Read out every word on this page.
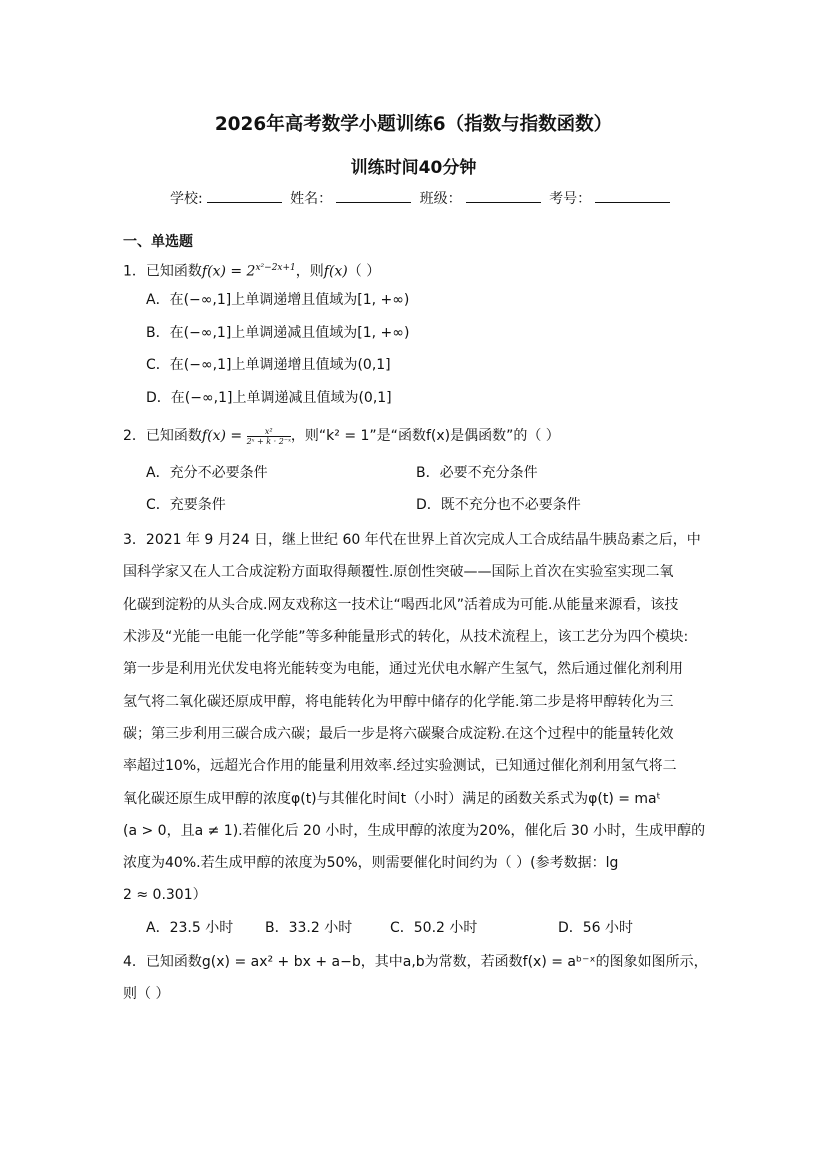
2026年高考数学小题训练6（指数与指数函数）
训练时间40分钟
学校:	姓名：	班级：	考号：
一、单选题
1．已知函数$f(x) = 2^{x^2-2x+1}$，则f(x)（ ）
A．在(−∞,1]上单调递增且值域为[1, +∞)
B．在(−∞,1]上单调递减且值域为[1, +∞)
C．在(−∞,1]上单调递增且值域为(0,1]
D．在(−∞,1]上单调递减且值域为(0,1]
2．已知函数$f(x) = \frac{\text{x²}}{\text{2ˣ + k · 2⁻ˣ}}$ ，则“k² = 1”是“函数f(x)是偶函数”的（ ）
A．充分不必要条件	B．必要不充分条件
C．充要条件	D．既不充分也不必要条件
3．2021 年 9 月24 日，继上世纪 60 年代在世界上首次完成人工合成结晶牛胰岛素之后，中
国科学家又在人工合成淀粉方面取得颠覆性.原创性突破——国际上首次在实验室实现二氧
化碳到淀粉的从头合成.网友戏称这一技术让“喝西北风”活着成为可能.从能量来源看，该技
术涉及“光能一电能一化学能”等多种能量形式的转化，从技术流程上，该工艺分为四个模块:
第一步是利用光伏发电将光能转变为电能，通过光伏电水解产生氢气，然后通过催化剂利用
氢气将二氧化碳还原成甲醇，将电能转化为甲醇中储存的化学能.第二步是将甲醇转化为三
碳；第三步利用三碳合成六碳；最后一步是将六碳聚合成淀粉.在这个过程中的能量转化效
率超过10%，远超光合作用的能量利用效率.经过实验测试，已知通过催化剂利用氢气将二
氧化碳还原生成甲醇的浓度φ(t)与其催化时间t（小时）满足的函数关系式为φ(t) = maᵗ
(a > 0，且a ≠ 1).若催化后 20 小时，生成甲醇的浓度为20%，催化后 30 小时，生成甲醇的
浓度为40%.若生成甲醇的浓度为50%，则需要催化时间约为（ ）(参考数据：lg
2 ≈ 0.301）
A．23.5 小时 B．33.2 小时	C．50.2 小时	D．56 小时
4．已知函数g(x) = ax² + bx + a−b，其中a,b为常数，若函数f(x) = aᵇ⁻ˣ的图象如图所示，
则（ ）
